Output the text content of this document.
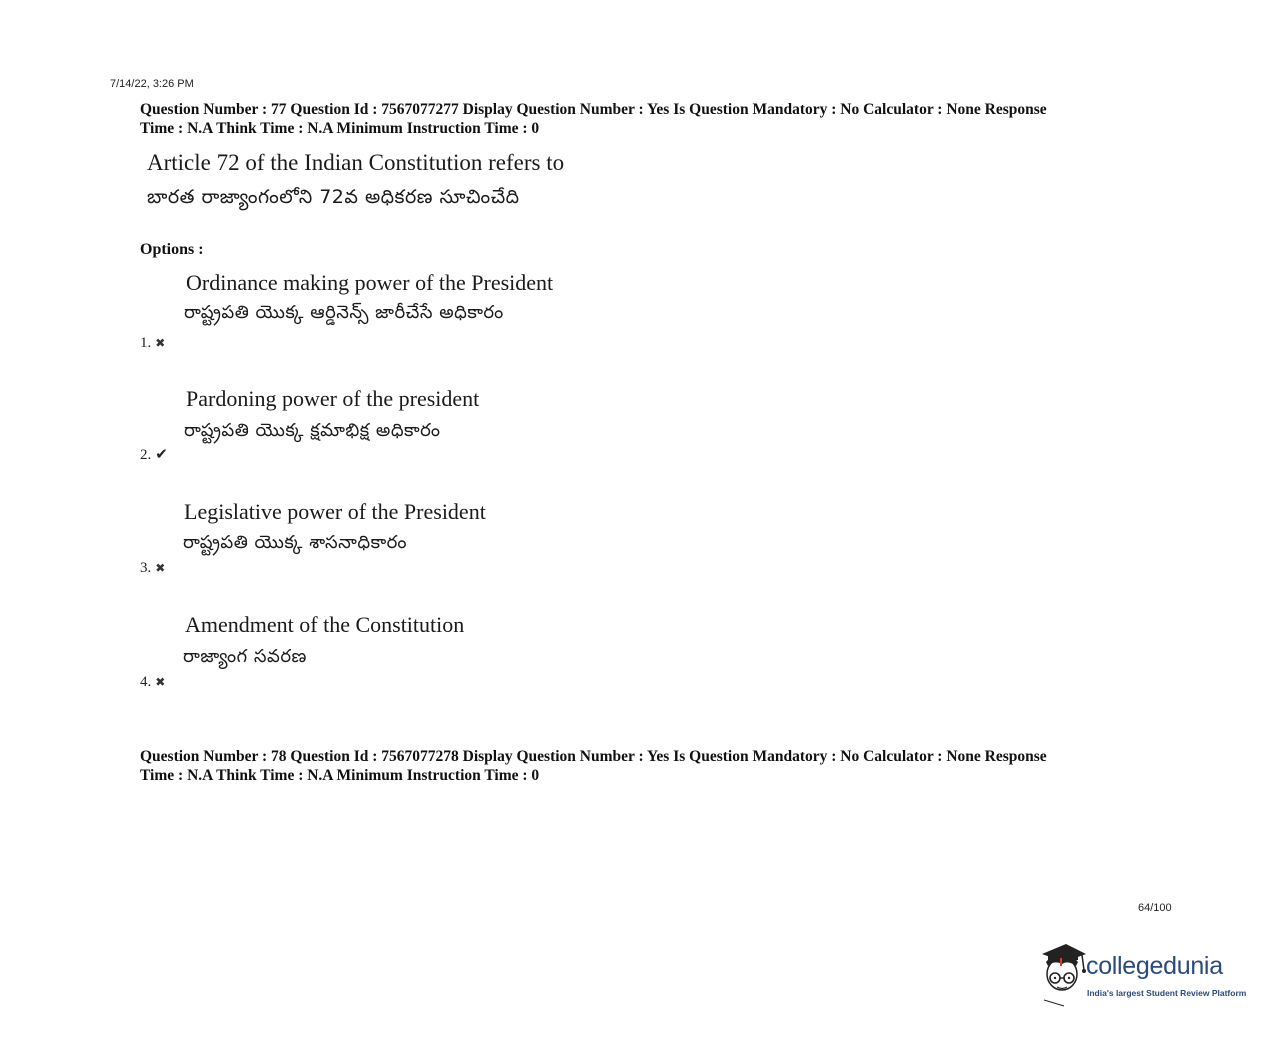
7/14/22, 3:26 PM
Question Number : 77 Question Id : 7567077277 Display Question Number : Yes Is Question Mandatory : No Calculator : None Response
Time : N.A Think Time : N.A Minimum Instruction Time : 0
Article 72 of the Indian Constitution refers to
బారత రాజ్యాంగంలోని 72వ అధికరణ సూచించేది
Options :
Ordinance making power of the President
రాష్ట్రపతి యొక్క ఆర్డినెన్స్ జారీచేసే అధికారం
1. ✖
Pardoning power of the president
రాష్ట్రపతి యొక్క క్షమాభిక్ష అధికారం
2. ✔
Legislative power of the President
రాష్ట్రపతి యొక్క శాసనాధికారం
3. ✖
Amendment of the Constitution
రాజ్యాంగ సవరణ
4. ✖
Question Number : 78 Question Id : 7567077278 Display Question Number : Yes Is Question Mandatory : No Calculator : None Response
Time : N.A Think Time : N.A Minimum Instruction Time : 0
64/100
collegedunia
India's largest Student Review Platform
